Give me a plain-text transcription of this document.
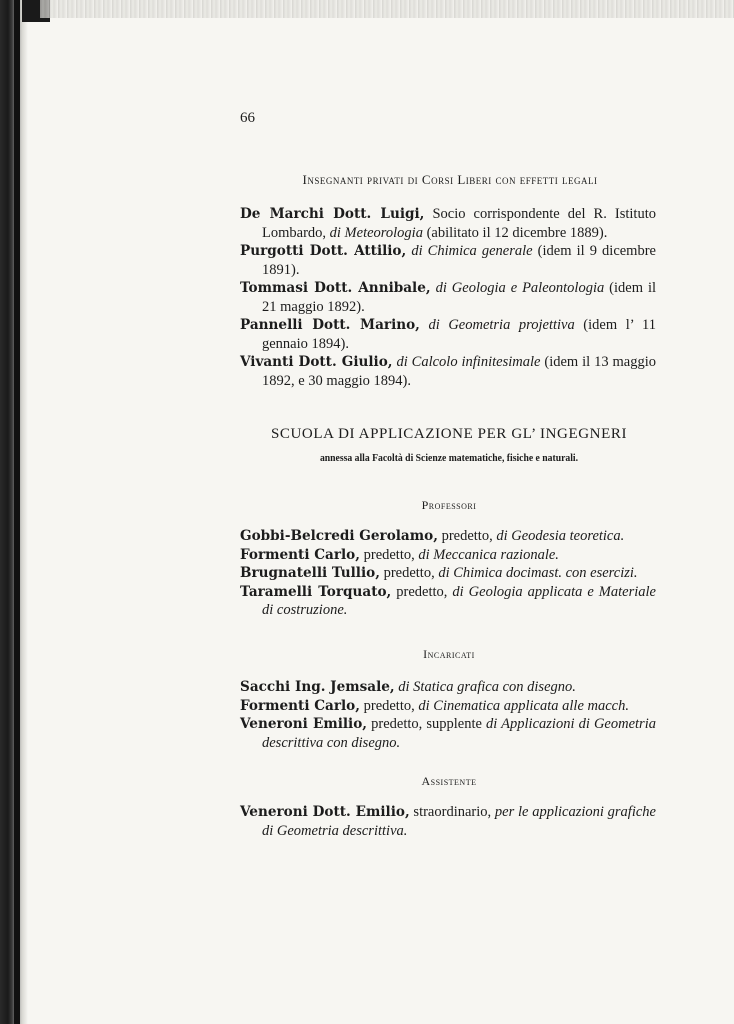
66
Insegnanti privati di Corsi Liberi con effetti legali
De Marchi Dott. Luigi, Socio corrispondente del R. Istituto Lombardo, di Meteorologia (abilitato il 12 dicembre 1889).
Purgotti Dott. Attilio, di Chimica generale (idem il 9 dicembre 1891).
Tommasi Dott. Annibale, di Geologia e Paleontologia (idem il 21 maggio 1892).
Pannelli Dott. Marino, di Geometria projettiva (idem l’ 11 gennaio 1894).
Vivanti Dott. Giulio, di Calcolo infinitesimale (idem il 13 maggio 1892, e 30 maggio 1894).
SCUOLA DI APPLICAZIONE PER GL’ INGEGNERI
annessa alla Facoltà di Scienze matematiche, fisiche e naturali.
Professori
Gobbi-Belcredi Gerolamo, predetto, di Geodesia teoretica.
Formenti Carlo, predetto, di Meccanica razionale.
Brugnatelli Tullio, predetto, di Chimica docimast. con esercizi.
Taramelli Torquato, predetto, di Geologia applicata e Materiale di costruzione.
Incaricati
Sacchi Ing. Jemsale, di Statica grafica con disegno.
Formenti Carlo, predetto, di Cinematica applicata alle macch.
Veneroni Emilio, predetto, supplente di Applicazioni di Geometria descrittiva con disegno.
Assistente
Veneroni Dott. Emilio, straordinario, per le applicazioni grafiche di Geometria descrittiva.
